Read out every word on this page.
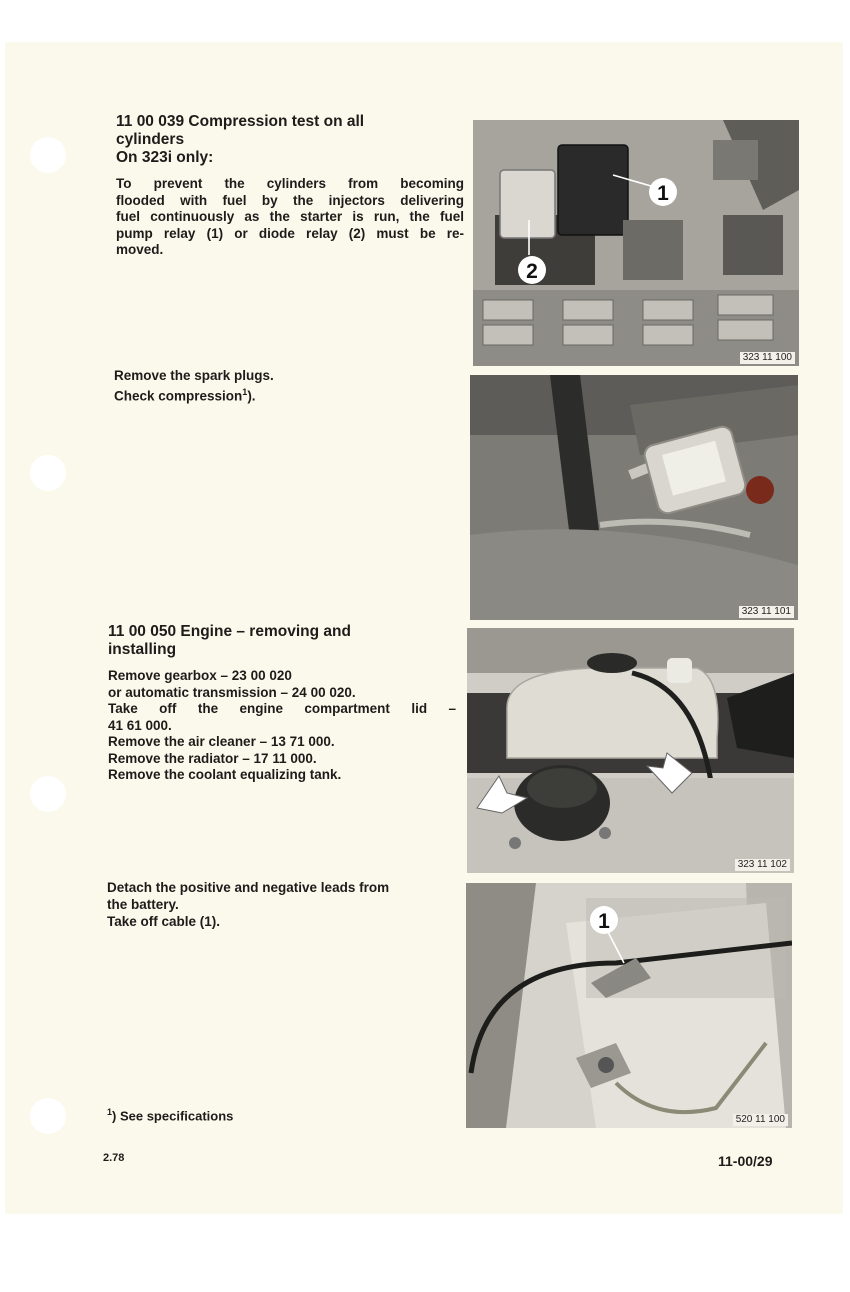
11 00 039 Compression test on all
cylinders
On 323i only:

To prevent the cylinders from becoming
flooded with fuel by the injectors delivering
fuel continuously as the starter is run, the fuel
pump relay (1) or diode relay (2) must be re-
moved.

Remove the spark plugs.
Check compression$^1$).
11 00 050 Engine – removing and
installing

Remove gearbox – 23 00 020
or automatic transmission – 24 00 020.
Take off the engine compartment lid –
41 61 000.
Remove the air cleaner – 13 71 000.
Remove the radiator – 17 11 000.
Remove the coolant equalizing tank.

Detach the positive and negative leads from
the battery.
Take off cable (1).
$^1$) See specifications
2.78	11-00/29
1
2
323 11 100
323 11 101
323 11 102
1
520 11 100
